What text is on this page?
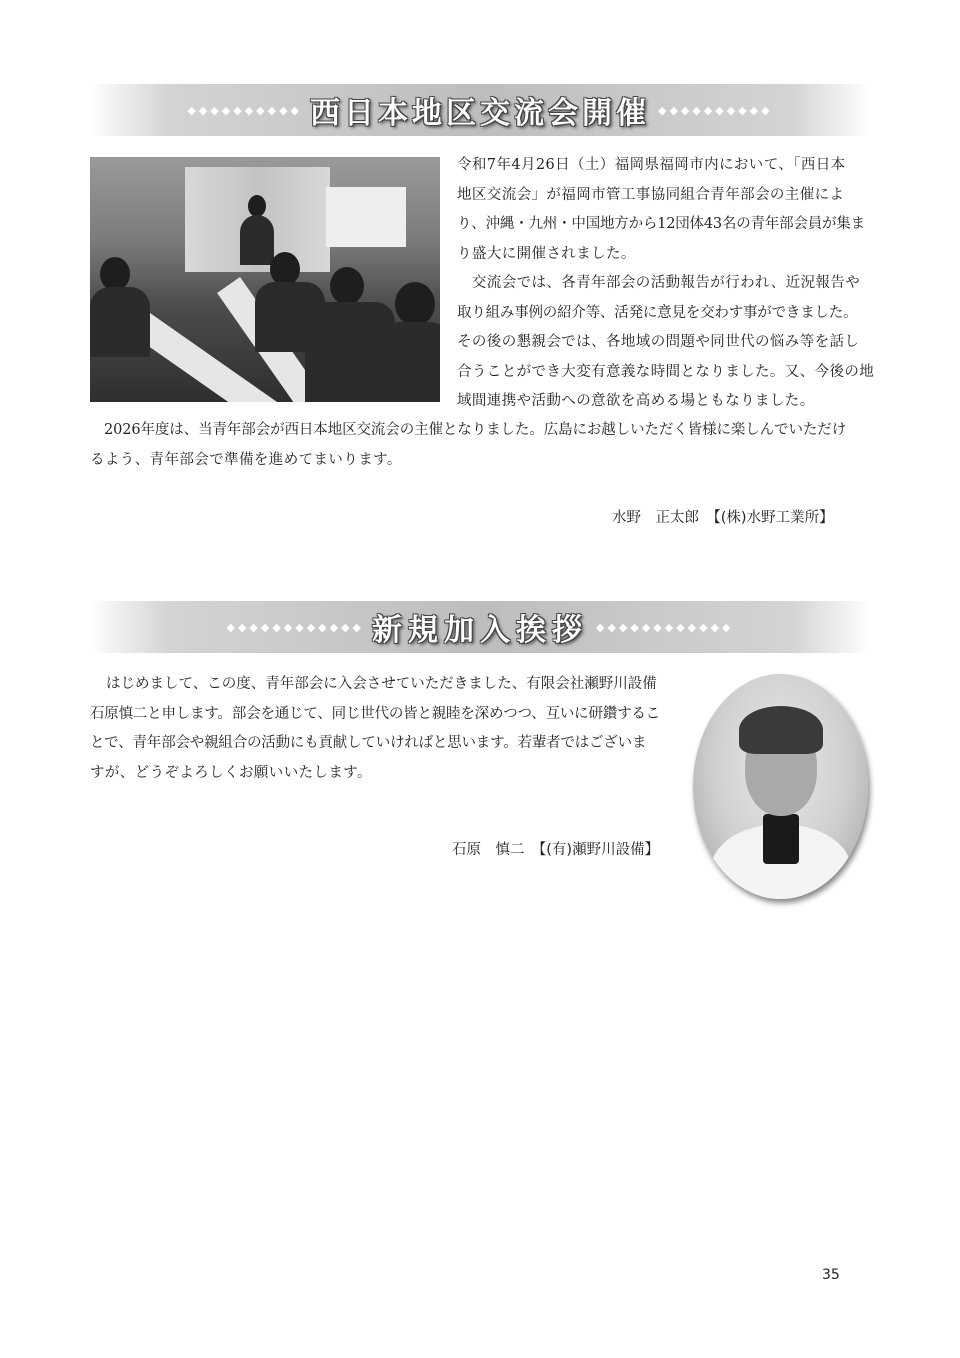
◆◆◆◆◆◆◆◆◆◆ 西日本地区交流会開催 ◆◆◆◆◆◆◆◆◆◆
令和7年4月26日（土）福岡県福岡市内において、「西日本
地区交流会」が福岡市管工事協同組合青年部会の主催によ
り、沖縄・九州・中国地方から12団体43名の青年部会員が集ま
り盛大に開催されました。
　交流会では、各青年部会の活動報告が行われ、近況報告や
取り組み事例の紹介等、活発に意見を交わす事ができました。
その後の懇親会では、各地域の問題や同世代の悩み等を話し
合うことができ大変有意義な時間となりました。又、今後の地
域間連携や活動への意欲を高める場ともなりました。
2026年度は、当青年部会が西日本地区交流会の主催となりました。広島にお越しいただく皆様に楽しんでいただけ
るよう、青年部会で準備を進めてまいります。
水野　正太郎　【(株)水野工業所】
◆◆◆◆◆◆◆◆◆◆◆◆ 新規加入挨拶 ◆◆◆◆◆◆◆◆◆◆◆◆
はじめまして、この度、青年部会に入会させていただきました、有限会社瀬野川設備
石原慎二と申します。部会を通じて、同じ世代の皆と親睦を深めつつ、互いに研鑽するこ
とで、青年部会や親組合の活動にも貢献していければと思います。若輩者ではございま
すが、どうぞよろしくお願いいたします。
石原　慎二　【(有)瀬野川設備】
35
